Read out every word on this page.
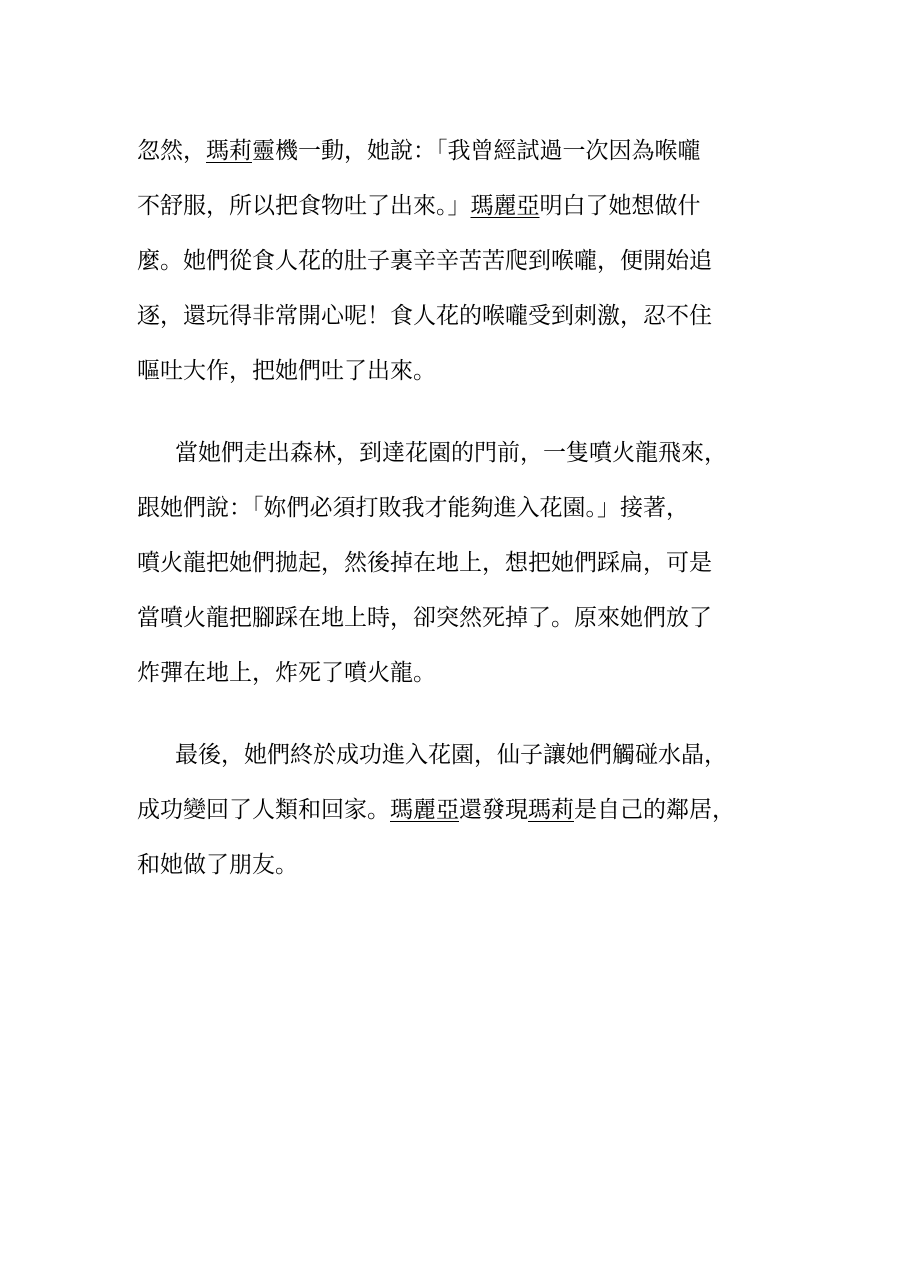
忽然，瑪莉靈機一動，她說：「我曾經試過一次因為喉嚨
不舒服，所以把食物吐了出來。」瑪麗亞明白了她想做什
麼。她們從食人花的肚子裏辛辛苦苦爬到喉嚨，便開始追
逐，還玩得非常開心呢！食人花的喉嚨受到刺激，忍不住
嘔吐大作，把她們吐了出來。
當她們走出森林，到達花園的門前，一隻噴火龍飛來，
跟她們說：「妳們必須打敗我才能夠進入花園。」接著，
噴火龍把她們拋起，然後掉在地上，想把她們踩扁，可是
當噴火龍把腳踩在地上時，卻突然死掉了。原來她們放了
炸彈在地上，炸死了噴火龍。
最後，她們終於成功進入花園，仙子讓她們觸碰水晶，
成功變回了人類和回家。瑪麗亞還發現瑪莉是自己的鄰居，
和她做了朋友。
